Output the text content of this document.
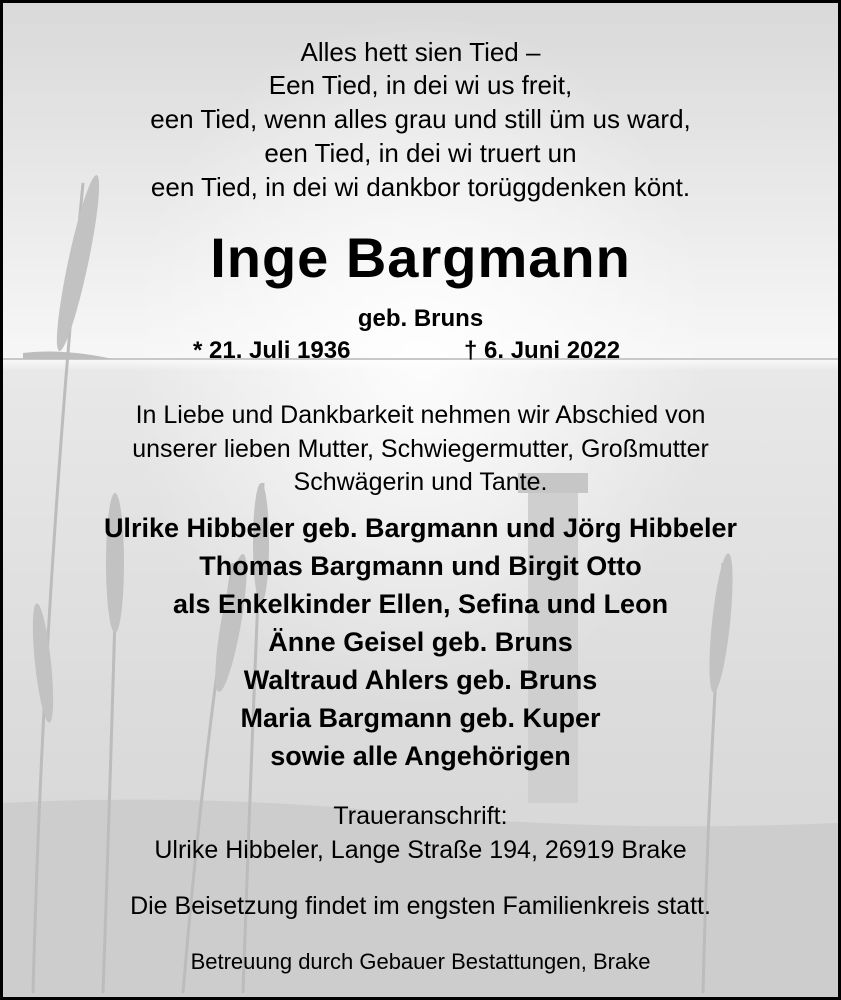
Alles hett sien Tied –
Een Tied, in dei wi us freit,
een Tied, wenn alles grau und still üm us ward,
een Tied, in dei wi truert un
een Tied, in dei wi dankbor torüggdenken könt.
Inge Bargmann
geb. Bruns
* 21. Juli 1936	† 6. Juni 2022
In Liebe und Dankbarkeit nehmen wir Abschied von
unserer lieben Mutter, Schwiegermutter, Großmutter
Schwägerin und Tante.
Ulrike Hibbeler geb. Bargmann und Jörg Hibbeler
Thomas Bargmann und Birgit Otto
als Enkelkinder Ellen, Sefina und Leon
Änne Geisel geb. Bruns
Waltraud Ahlers geb. Bruns
Maria Bargmann geb. Kuper
sowie alle Angehörigen
Traueranschrift:
Ulrike Hibbeler, Lange Straße 194, 26919 Brake
Die Beisetzung findet im engsten Familienkreis statt.
Betreuung durch Gebauer Bestattungen, Brake
